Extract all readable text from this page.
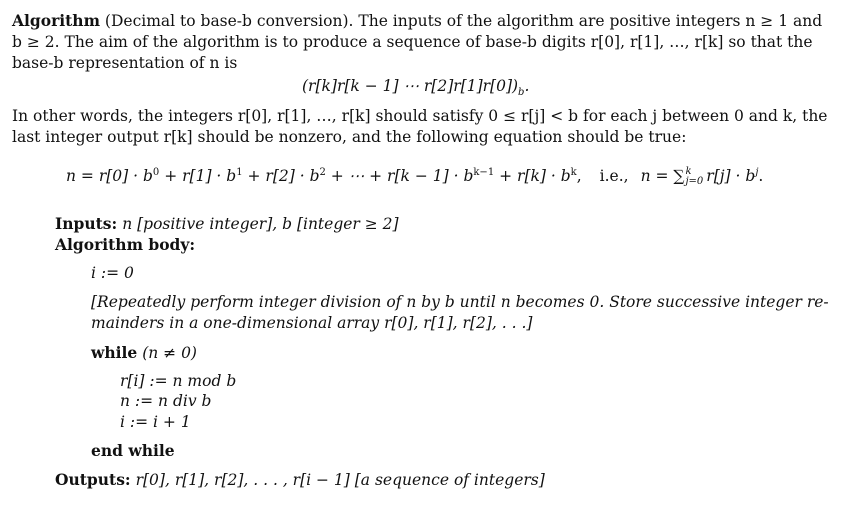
Algorithm (Decimal to base-b conversion). The inputs of the algorithm are positive integers n ≥ 1 and
b ≥ 2. The aim of the algorithm is to produce a sequence of base-b digits r[0], r[1], …, r[k] so that the
base-b representation of n is
(r[k]r[k − 1] ⋯ $r[2]r[1]r[0])_b$.
In other words, the integers r[0], r[1], …, r[k] should satisfy 0 ≤ r[j] < b for each j between 0 and k, the
last integer output r[k] should be nonzero, and the following equation should be true:
$n = r[0] \cdot b^0 + r[1] \cdot b^1 + r[2] \cdot b^2$ + ⋯ + $r[k - 1] \cdot b^{k-1} + r[k] \cdot b^k$, i.e., n = ∑ k
j=0 $r[j] \cdot b^j$.
Inputs: n [positive integer], b [integer ≥ 2]
Algorithm body:
i := 0
[Repeatedly perform integer division of n by b until n becomes 0. Store successive integer re-
mainders in a one-dimensional array r[0], r[1], r[2], . . .]
while (n ≠ 0)
r[i] := n mod b
n := n div b
i := i + 1
end while
Outputs: r[0], r[1], r[2], . . . , r[i − 1] [a sequence of integers]
